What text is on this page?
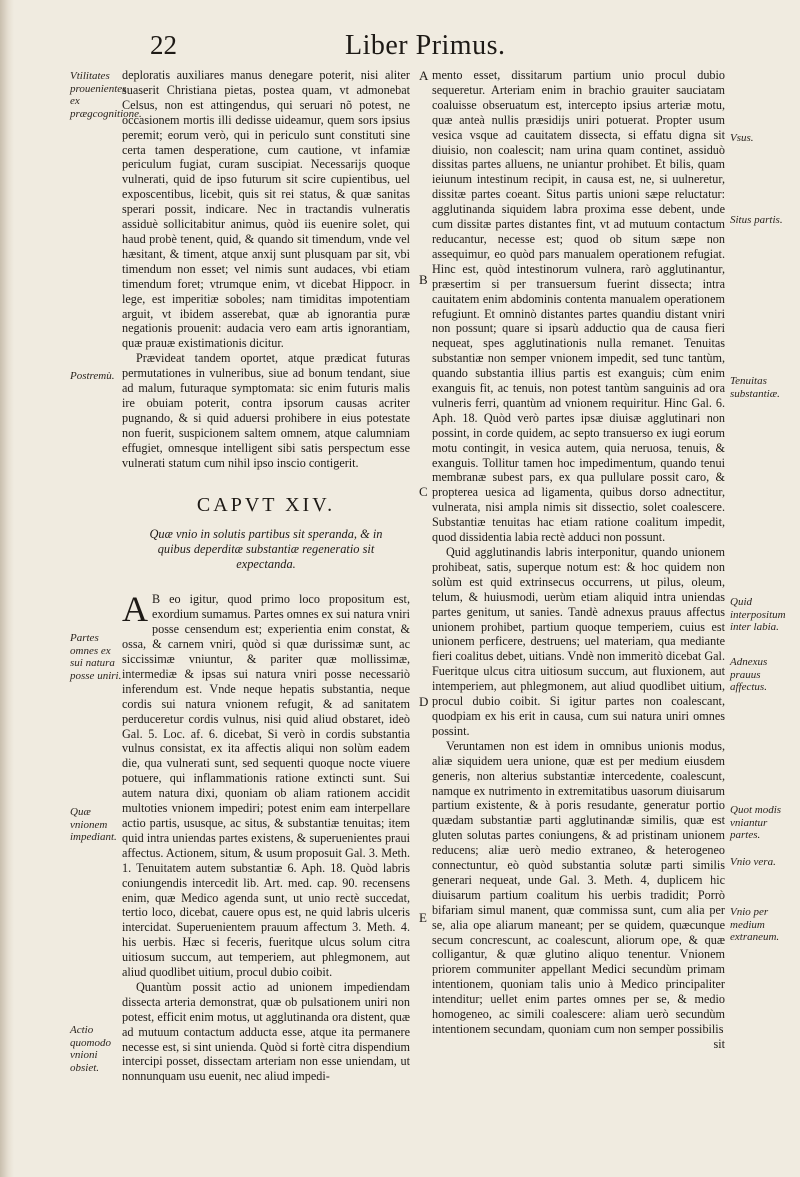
22	Liber Primus.
Vtilitates prouenientes ex prægcognitione.
Postremù.
Partes omnes ex sui natura posse uniri.
Quæ vnionem impediant.
Actio quomodo vnioni obsiet.

deploratis auxiliares manus denegare poterit, nisi aliter suaserit Christiana pietas, postea quam, vt admonebat Celsus, non est attingendus, qui seruari nõ potest, ne occasionem mortis illi dedisse uideamur, quem sors ipsius peremit; eorum verò, qui in periculo sunt constituti sine certa tamen desperatione, cum cautione, vt infamiæ periculum fugiat, curam suscipiat. Necessarijs quoque vulnerati, quid de ipso futurum sit scire cupientibus, uel exposcentibus, licebit, quis sit rei status, & quæ sanitas sperari possit, indicare. Nec in tractandis vulneratis assiduè sollicitabitur animus, quòd iis euenire solet, qui haud probè tenent, quid, & quando sit timendum, vnde vel hæsitant, & timent, atque anxij sunt plusquam par sit, vbi timendum non esset; vel nimis sunt audaces, vbi etiam timendum foret; vtrumque enim, vt dicebat Hippocr. in lege, est imperitiæ soboles; nam timiditas impotentiam arguit, vt ibidem asserebat, quæ ab ignorantia puræ negationis prouenit: audacia vero eam artis ignorantiam, quæ prauæ existimationis dicitur.

Prævideat tandem oportet, atque prædicat futuras permutationes in vulneribus, siue ad bonum tendant, siue ad malum, futuraque symptomata: sic enim futuris malis ire obuiam poterit, contra ipsorum causas acriter pugnando, & si quid aduersi prohibere in eius potestate non fuerit, suspicionem saltem omnem, atque calumniam effugiet, omnesque intelligent sibi satis perspectum esse vulnerati statum cum nihil ipso inscio contigerit.

CAPVT XIV.
Quæ vnio in solutis partibus sit speranda, & in quibus deperditæ substantiæ regeneratio sit expectanda.

A B eo igitur, quod primo loco propositum est, exordium sumamus. Partes omnes ex sui natura vniri posse censendum est; experientia enim constat, & ossa, & carnem vniri, quòd si quæ durissimæ sunt, ac siccissimæ vniuntur, & pariter quæ mollissimæ, intermediæ & ipsas sui natura vniri posse necessariò inferendum est. Vnde neque hepatis substantia, neque cordis sui natura vnionem refugit, & ad sanitatem perduceretur cordis vulnus, nisi quid aliud obstaret, ideò Gal. 5. Loc. af. 6. dicebat, Si verò in cordis substantia vulnus consistat, ex ita affectis aliqui non solùm eadem die, qua vulnerati sunt, sed sequenti quoque nocte viuere potuere, qui inflammationis ratione extincti sunt. Sui autem natura dixi, quoniam ob aliam rationem accidit multoties vnionem impediri; potest enim eam interpellare actio partis, ususque, ac situs, & substantiæ tenuitas; item quid intra uniendas partes existens, & superuenientes praui affectus. Actionem, situm, & usum proposuit Gal. 3. Meth. 1. Tenuitatem autem substantiæ 6. Aph. 18. Quòd labris coniungendis intercedit lib. Art. med. cap. 90. recensens enim, quæ Medico agenda sunt, ut unio rectè succedat, tertio loco, dicebat, cauere opus est, ne quid labris ulceris intercidat. Superuenientem prauum affectum 3. Meth. 4. his uerbis. Hæc si feceris, fueritque ulcus solum citra uitiosum succum, aut temperiem, aut phlegmonem, aut aliud quodlibet uitium, procul dubio coibit.

Quantùm possit actio ad unionem impediendam dissecta arteria demonstrat, quæ ob pulsationem uniri non potest, efficit enim motus, ut agglutinanda ora distent, quæ ad mutuum contactum adducta esse, atque ita permanere necesse est, si sint unienda. Quòd si fortè citra dispendium intercipi posset, dissectam arteriam non esse uniendam, ut nonnunquam usu euenit, nec aliud impedi-

A
B
C
D
E

mento esset, dissitarum partium unio procul dubio sequeretur. Arteriam enim in brachio grauiter sauciatam coaluisse obseruatum est, intercepto ipsius arteriæ motu, quæ anteà nullis præsidijs uniri potuerat. Propter usum vesica vsque ad cauitatem dissecta, si effatu digna sit diuisio, non coalescit; nam urina quam continet, assiduò dissitas partes alluens, ne uniantur prohibet. Et bilis, quam ieiunum intestinum recipit, in causa est, ne, si uulneretur, dissitæ partes coeant. Situs partis unioni sæpe reluctatur: agglutinanda siquidem labra proxima esse debent, unde cum dissitæ partes distantes fint, vt ad mutuum contactum reducantur, necesse est; quod ob situm sæpe non assequimur, eo quòd pars manualem operationem refugiat. Hinc est, quòd intestinorum vulnera, rarò agglutinantur, præsertim si per transuersum fuerint dissecta; intra cauitatem enim abdominis contenta manualem operationem refugiunt. Et omninò distantes partes quandiu distant vniri non possunt; quare si ipsarù adductio qua de causa fieri nequeat, spes agglutinationis nulla remanet. Tenuitas substantiæ non semper vnionem impedit, sed tunc tantùm, quando substantia illius partis est exanguis; cùm enim exanguis fit, ac tenuis, non potest tantùm sanguinis ad ora vulneris ferri, quantùm ad vnionem requiritur. Hinc Gal. 6. Aph. 18. Quòd verò partes ipsæ diuisæ agglutinari non possint, in corde quidem, ac septo transuerso ex iugi eorum motu contingit, in vesica autem, quia neruosa, tenuis, & exanguis. Tollitur tamen hoc impedimentum, quando tenui membranæ subest pars, ex qua pullulare possit caro, & propterea uesica ad ligamenta, quibus dorso adnectitur, vulnerata, nisi ampla nimis sit dissectio, solet coalescere. Substantiæ tenuitas hac etiam ratione coalitum impedit, quod dissidentia labia rectè adduci non possunt.

Quid agglutinandis labris interponitur, quando unionem prohibeat, satis, superque notum est: & hoc quidem non solùm est quid extrinsecus occurrens, ut pilus, oleum, telum, & huiusmodi, uerùm etiam aliquid intra uniendas partes genitum, ut sanies. Tandè adnexus prauus affectus unionem prohibet, partium quoque temperiem, cuius est unionem perficere, destruens; uel materiam, qua mediante fieri coalitus debet, uitians. Vndè non immeritò dicebat Gal. Fueritque ulcus citra uitiosum succum, aut fluxionem, aut intemperiem, aut phlegmonem, aut aliud quodlibet uitium, procul dubio coibit. Si igitur partes non coalescant, quodpiam ex his erit in causa, cum sui natura uniri omnes possint.

Veruntamen non est idem in omnibus unionis modus, aliæ siquidem uera unione, quæ est per medium eiusdem generis, non alterius substantiæ intercedente, coalescunt, namque ex nutrimento in extremitatibus uasorum diuisarum partium existente, & à poris resudante, generatur portio quædam substantiæ parti agglutinandæ similis, quæ est gluten solutas partes coniungens, & ad pristinam unionem reducens; aliæ uerò medio extraneo, & heterogeneo connectuntur, eò quòd substantia solutæ parti similis generari nequeat, unde Gal. 3. Meth. 4, duplicem hic diuisarum partium coalitum his uerbis tradidit; Porrò bifariam simul manent, quæ commissa sunt, cum alia per se, alia ope aliarum maneant; per se quidem, quæcunque secum concrescunt, ac coalescunt, aliorum ope, & quæ colligantur, & quæ glutino aliquo tenentur. Vnionem priorem communiter appellant Medici secundùm primam intentionem, quoniam talis unio à Medico principaliter intenditur; uellet enim partes omnes per se, & medio homogeneo, ac simili coalescere: aliam uerò secundùm intentionem secundam, quoniam cum non semper possibilis

sit

Vsus.
Situs partis.
Tenuitas substantiæ.
Quid interpositum inter labia.
Adnexus prauus affectus.
Quot modis vniantur partes.
Vnio vera.
Vnio per medium extraneum.
